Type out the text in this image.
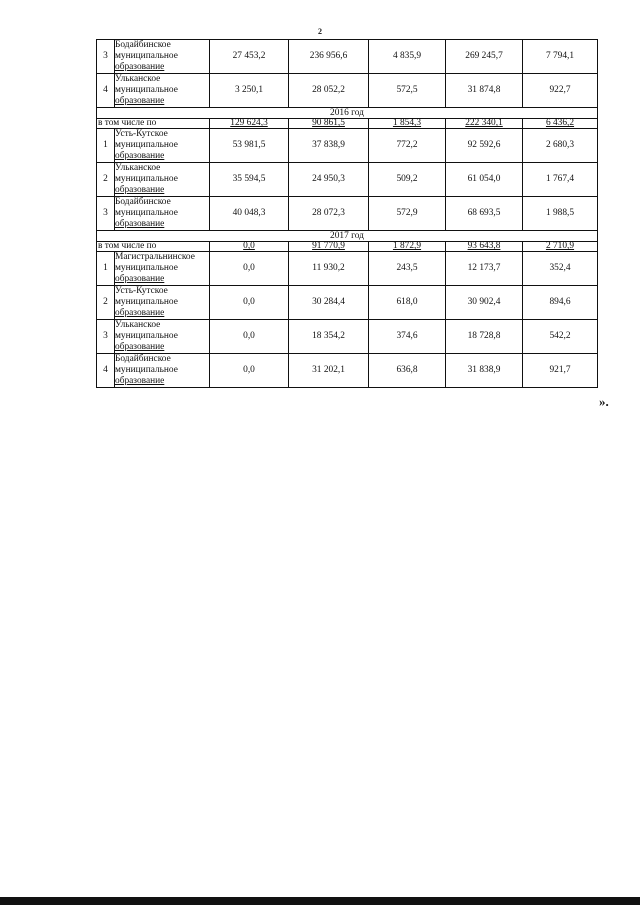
2
3	Бодайбинское
муниципальное
образование	27 453,2	236 956,6	4 835,9	269 245,7	7 794,1
4	Ульканское
муниципальное
образование	3 250,1	28 052,2	572,5	31 874,8	922,7
2016 год						
в том числе по		129 624,3	90 861,5	1 854,3	222 340,1	6 436,2
1	Усть-Кутское
муниципальное
образование	53 981,5	37 838,9	772,2	92 592,6	2 680,3
2	Ульканское
муниципальное
образование	35 594,5	24 950,3	509,2	61 054,0	1 767,4
3	Бодайбинское
муниципальное
образование	40 048,3	28 072,3	572,9	68 693,5	1 988,5
2017 год						
в том числе по		0,0	91 770,9	1 872,9	93 643,8	2 710,9
1	Магистральнинское
муниципальное
образование	0,0	11 930,2	243,5	12 173,7	352,4
2	Усть-Кутское
муниципальное
образование	0,0	30 284,4	618,0	30 902,4	894,6
3	Ульканское
муниципальное
образование	0,0	18 354,2	374,6	18 728,8	542,2
4	Бодайбинское
муниципальное
образование	0,0	31 202,1	636,8	31 838,9	921,7
».
